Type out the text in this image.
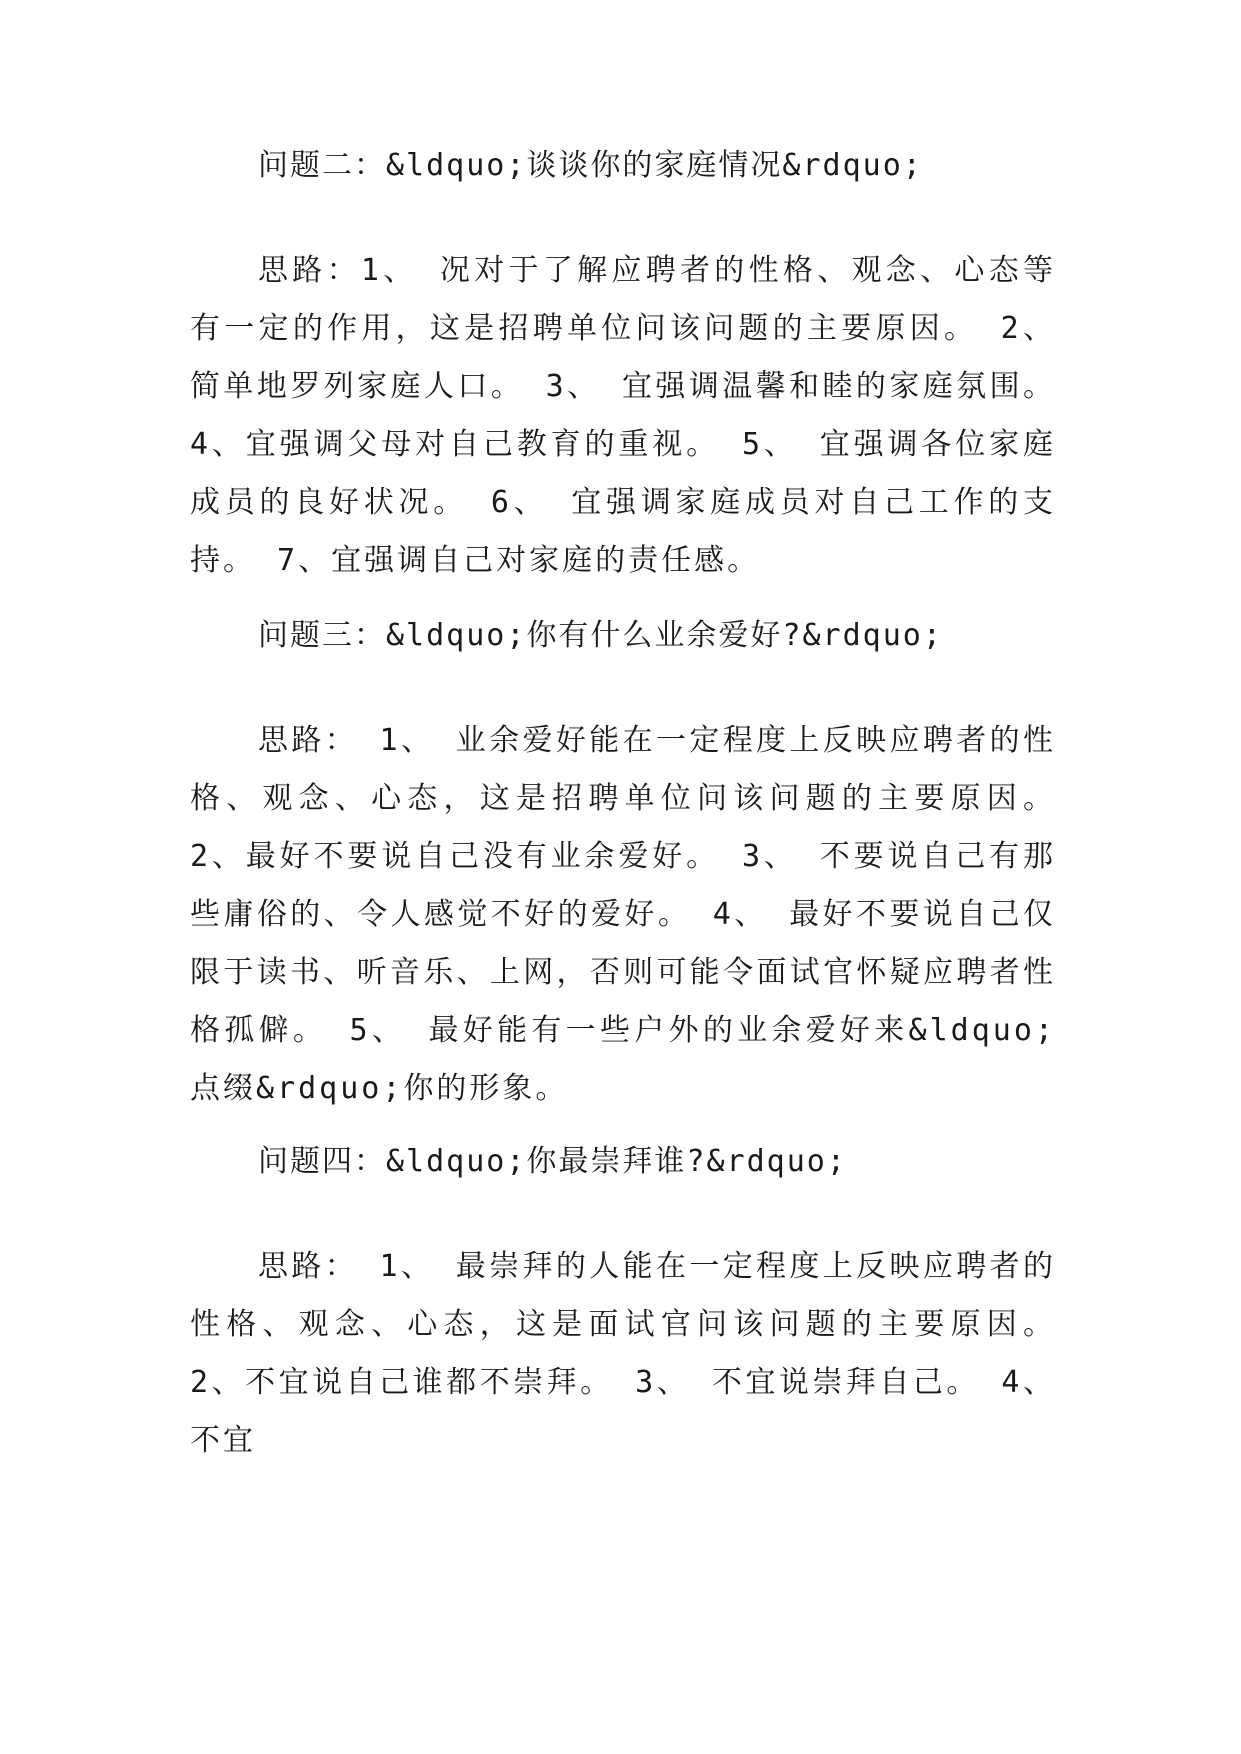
问题二：&ldquo;谈谈你的家庭情况&rdquo;

思路：1、 况对于了解应聘者的性格、观念、心态等有一定的作用，这是招聘单位问该问题的主要原因。 2、 简单地罗列家庭人口。 3、 宜强调温馨和睦的家庭氛围。 4、宜强调父母对自己教育的重视。 5、 宜强调各位家庭成员的良好状况。 6、 宜强调家庭成员对自己工作的支持。 7、宜强调自己对家庭的责任感。

问题三：&ldquo;你有什么业余爱好?&rdquo;

思路： 1、 业余爱好能在一定程度上反映应聘者的性格、观念、心态，这是招聘单位问该问题的主要原因。 2、最好不要说自己没有业余爱好。 3、 不要说自己有那些庸俗的、令人感觉不好的爱好。 4、 最好不要说自己仅限于读书、听音乐、上网，否则可能令面试官怀疑应聘者性格孤僻。 5、 最好能有一些户外的业余爱好来&ldquo;点缀&rdquo;你的形象。

问题四：&ldquo;你最崇拜谁?&rdquo;

思路： 1、 最崇拜的人能在一定程度上反映应聘者的性格、观念、心态，这是面试官问该问题的主要原因。 2、不宜说自己谁都不崇拜。 3、 不宜说崇拜自己。 4、 不宜
